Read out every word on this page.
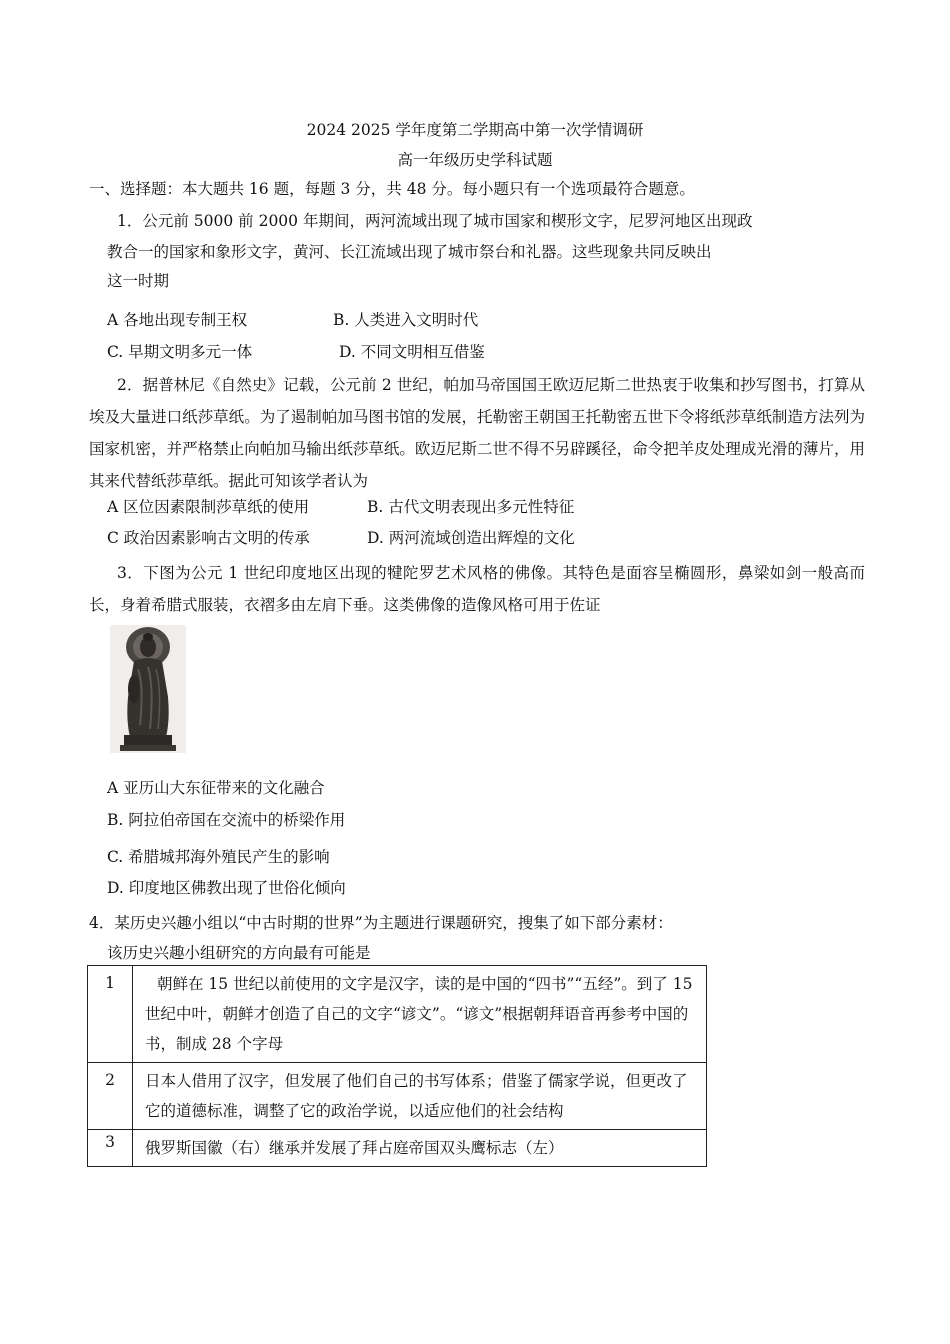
2024 2025 学年度第二学期高中第一次学情调研
高一年级历史学科试题
一、选择题：本大题共 16 题，每题 3 分，共 48 分。每小题只有一个选项最符合题意。
1．公元前 5000 前 2000 年期间，两河流域出现了城市国家和楔形文字，尼罗河地区出现政
教合一的国家和象形文字，黄河、长江流域出现了城市祭台和礼器。这些现象共同反映出
这一时期
A 各地出现专制王权	B. 人类进入文明时代
C. 早期文明多元一体	D. 不同文明相互借鉴
2．据普林尼《自然史》记载，公元前 2 世纪，帕加马帝国国王欧迈尼斯二世热衷于收集和抄写图书，打算从埃及大量进口纸莎草纸。为了遏制帕加马图书馆的发展，托勒密王朝国王托勒密五世下令将纸莎草纸制造方法列为国家机密，并严格禁止向帕加马输出纸莎草纸。欧迈尼斯二世不得不另辟蹊径，命令把羊皮处理成光滑的薄片，用其来代替纸莎草纸。据此可知该学者认为
A 区位因素限制莎草纸的使用	B. 古代文明表现出多元性特征
C 政治因素影响古文明的传承	D. 两河流域创造出辉煌的文化
3．下图为公元 1 世纪印度地区出现的犍陀罗艺术风格的佛像。其特色是面容呈椭圆形，鼻梁如剑一般高而长，身着希腊式服装，衣褶多由左肩下垂。这类佛像的造像风格可用于佐证
A 亚历山大东征带来的文化融合
B. 阿拉伯帝国在交流中的桥梁作用
C. 希腊城邦海外殖民产生的影响
D. 印度地区佛教出现了世俗化倾向
4．某历史兴趣小组以“中古时期的世界”为主题进行课题研究，搜集了如下部分素材：
该历史兴趣小组研究的方向最有可能是
1	朝鲜在 15 世纪以前使用的文字是汉字，读的是中国的“四书”“五经”。到了 15 世纪中叶，朝鲜才创造了自己的文字“谚文”。“谚文”根据朝拜语音再参考中国的书，制成 28 个字母
2	日本人借用了汉字，但发展了他们自己的书写体系；借鉴了儒家学说，但更改了它的道德标准，调整了它的政治学说，以适应他们的社会结构
3	俄罗斯国徽（右）继承并发展了拜占庭帝国双头鹰标志（左）
